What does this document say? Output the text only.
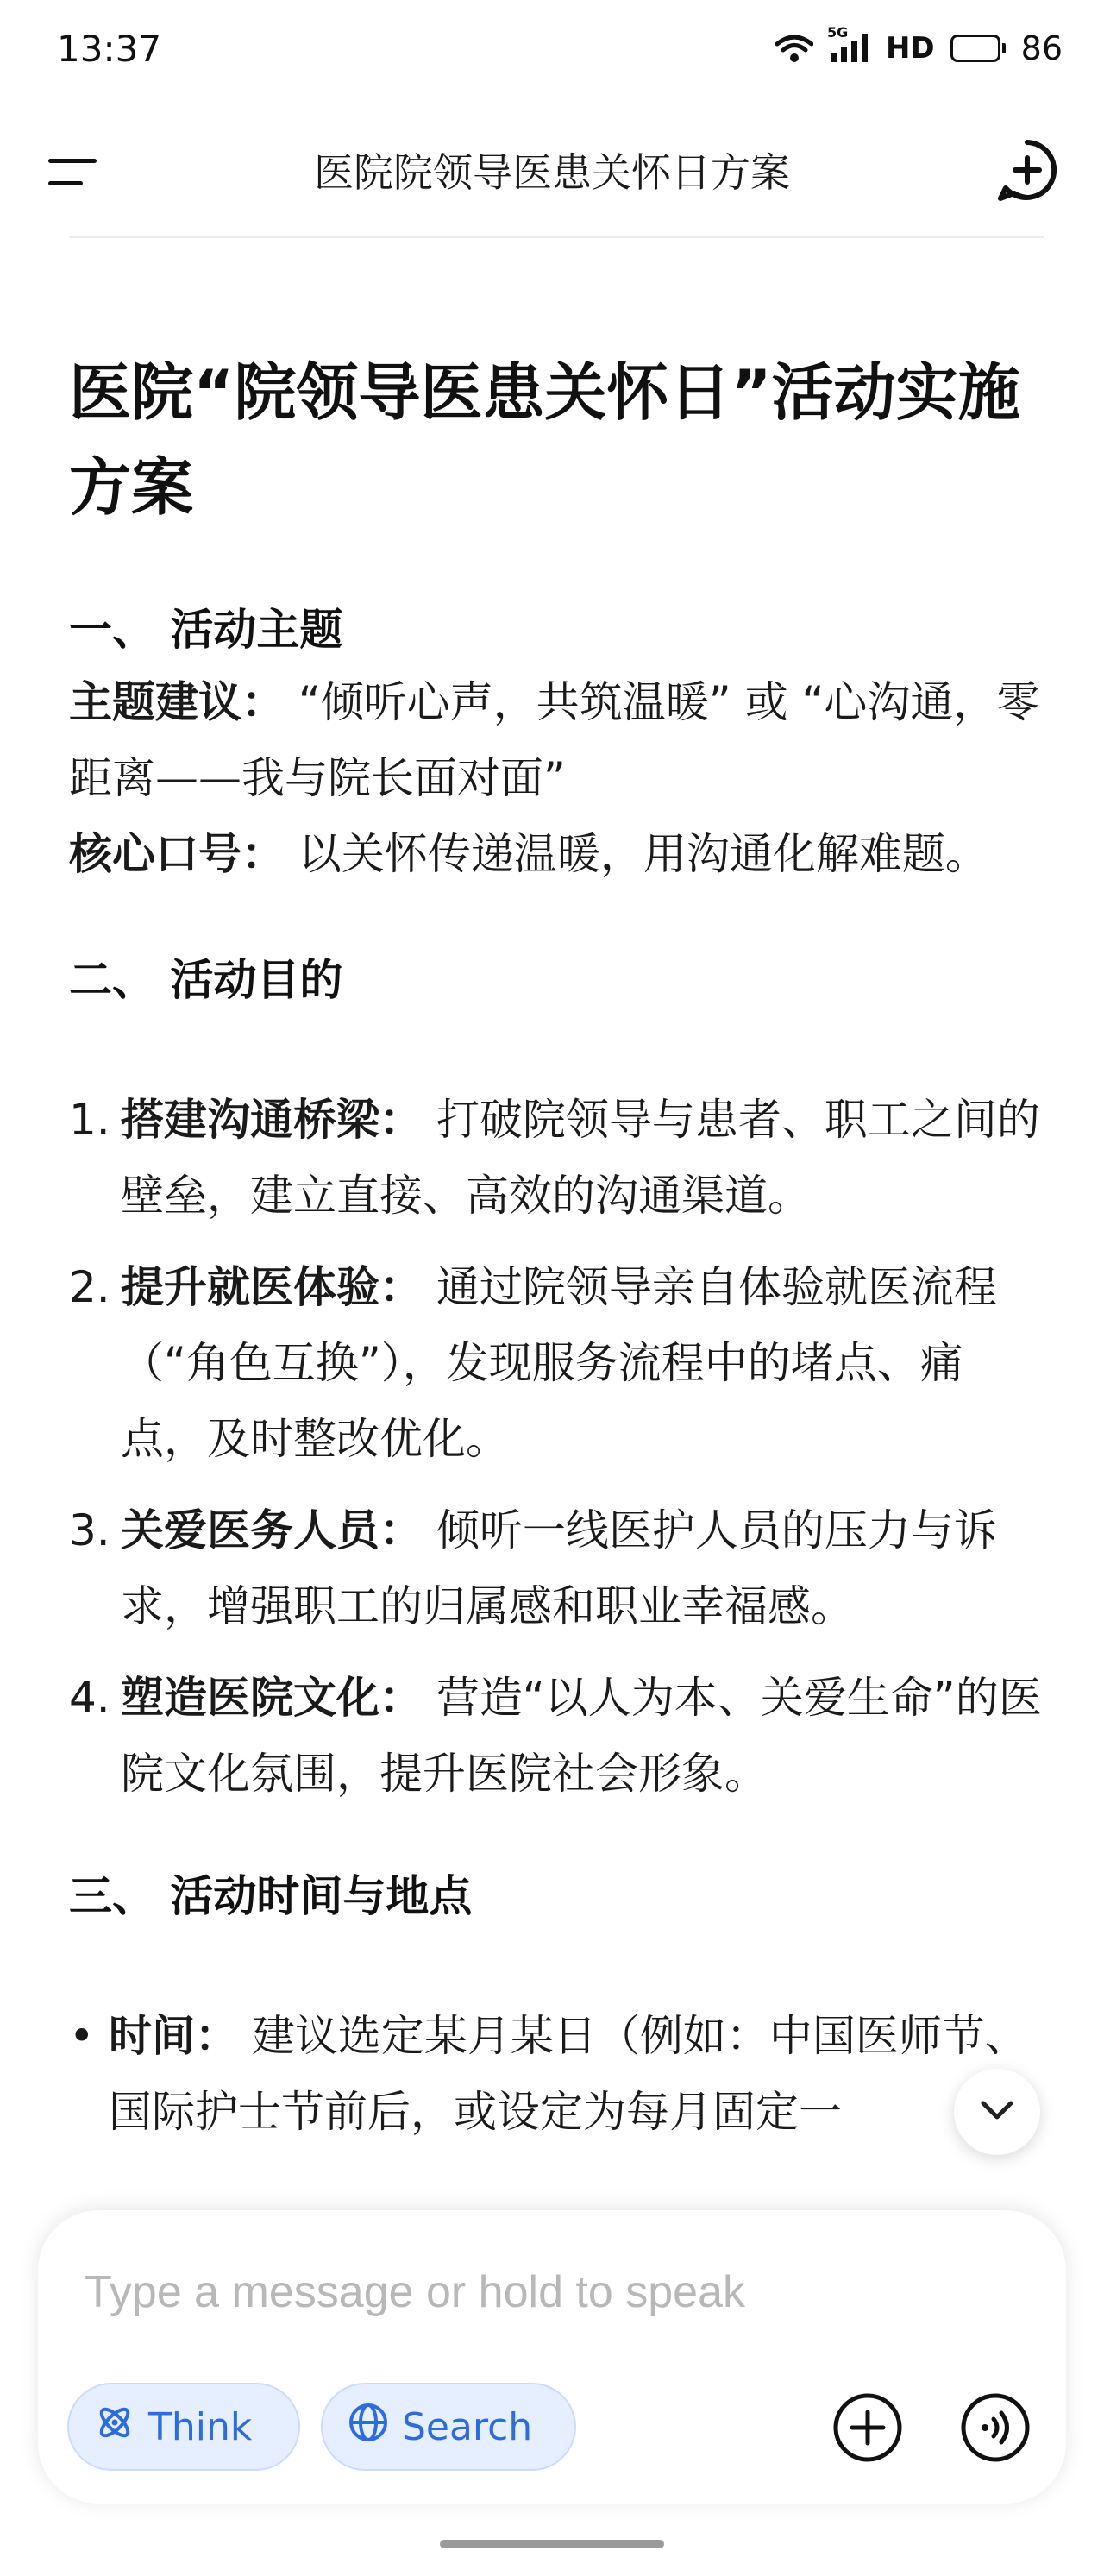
13:37	5G HD	86
医院院领导医患关怀日方案
医院“院领导医患关怀日”活动实施方案
一、 活动主题

主题建议： “倾听心声，共筑温暖” 或 “心沟通，零距离——我与院长面对面”

核心口号： 以关怀传递温暖，用沟通化解难题。

二、 活动目的
1. 搭建沟通桥梁： 打破院领导与患者、职工之间的壁垒，建立直接、高效的沟通渠道。
2. 提升就医体验： 通过院领导亲自体验就医流程（“角色互换”），发现服务流程中的堵点、痛点，及时整改优化。
3. 关爱医务人员： 倾听一线医护人员的压力与诉求，增强职工的归属感和职业幸福感。
4. 塑造医院文化： 营造“以人为本、关爱生命”的医院文化氛围，提升医院社会形象。
三、 活动时间与地点
• 时间： 建议选定某月某日（例如：中国医师节、国际护士节前后，或设定为每月固定一
Type a message or hold to speak
Think	Search
